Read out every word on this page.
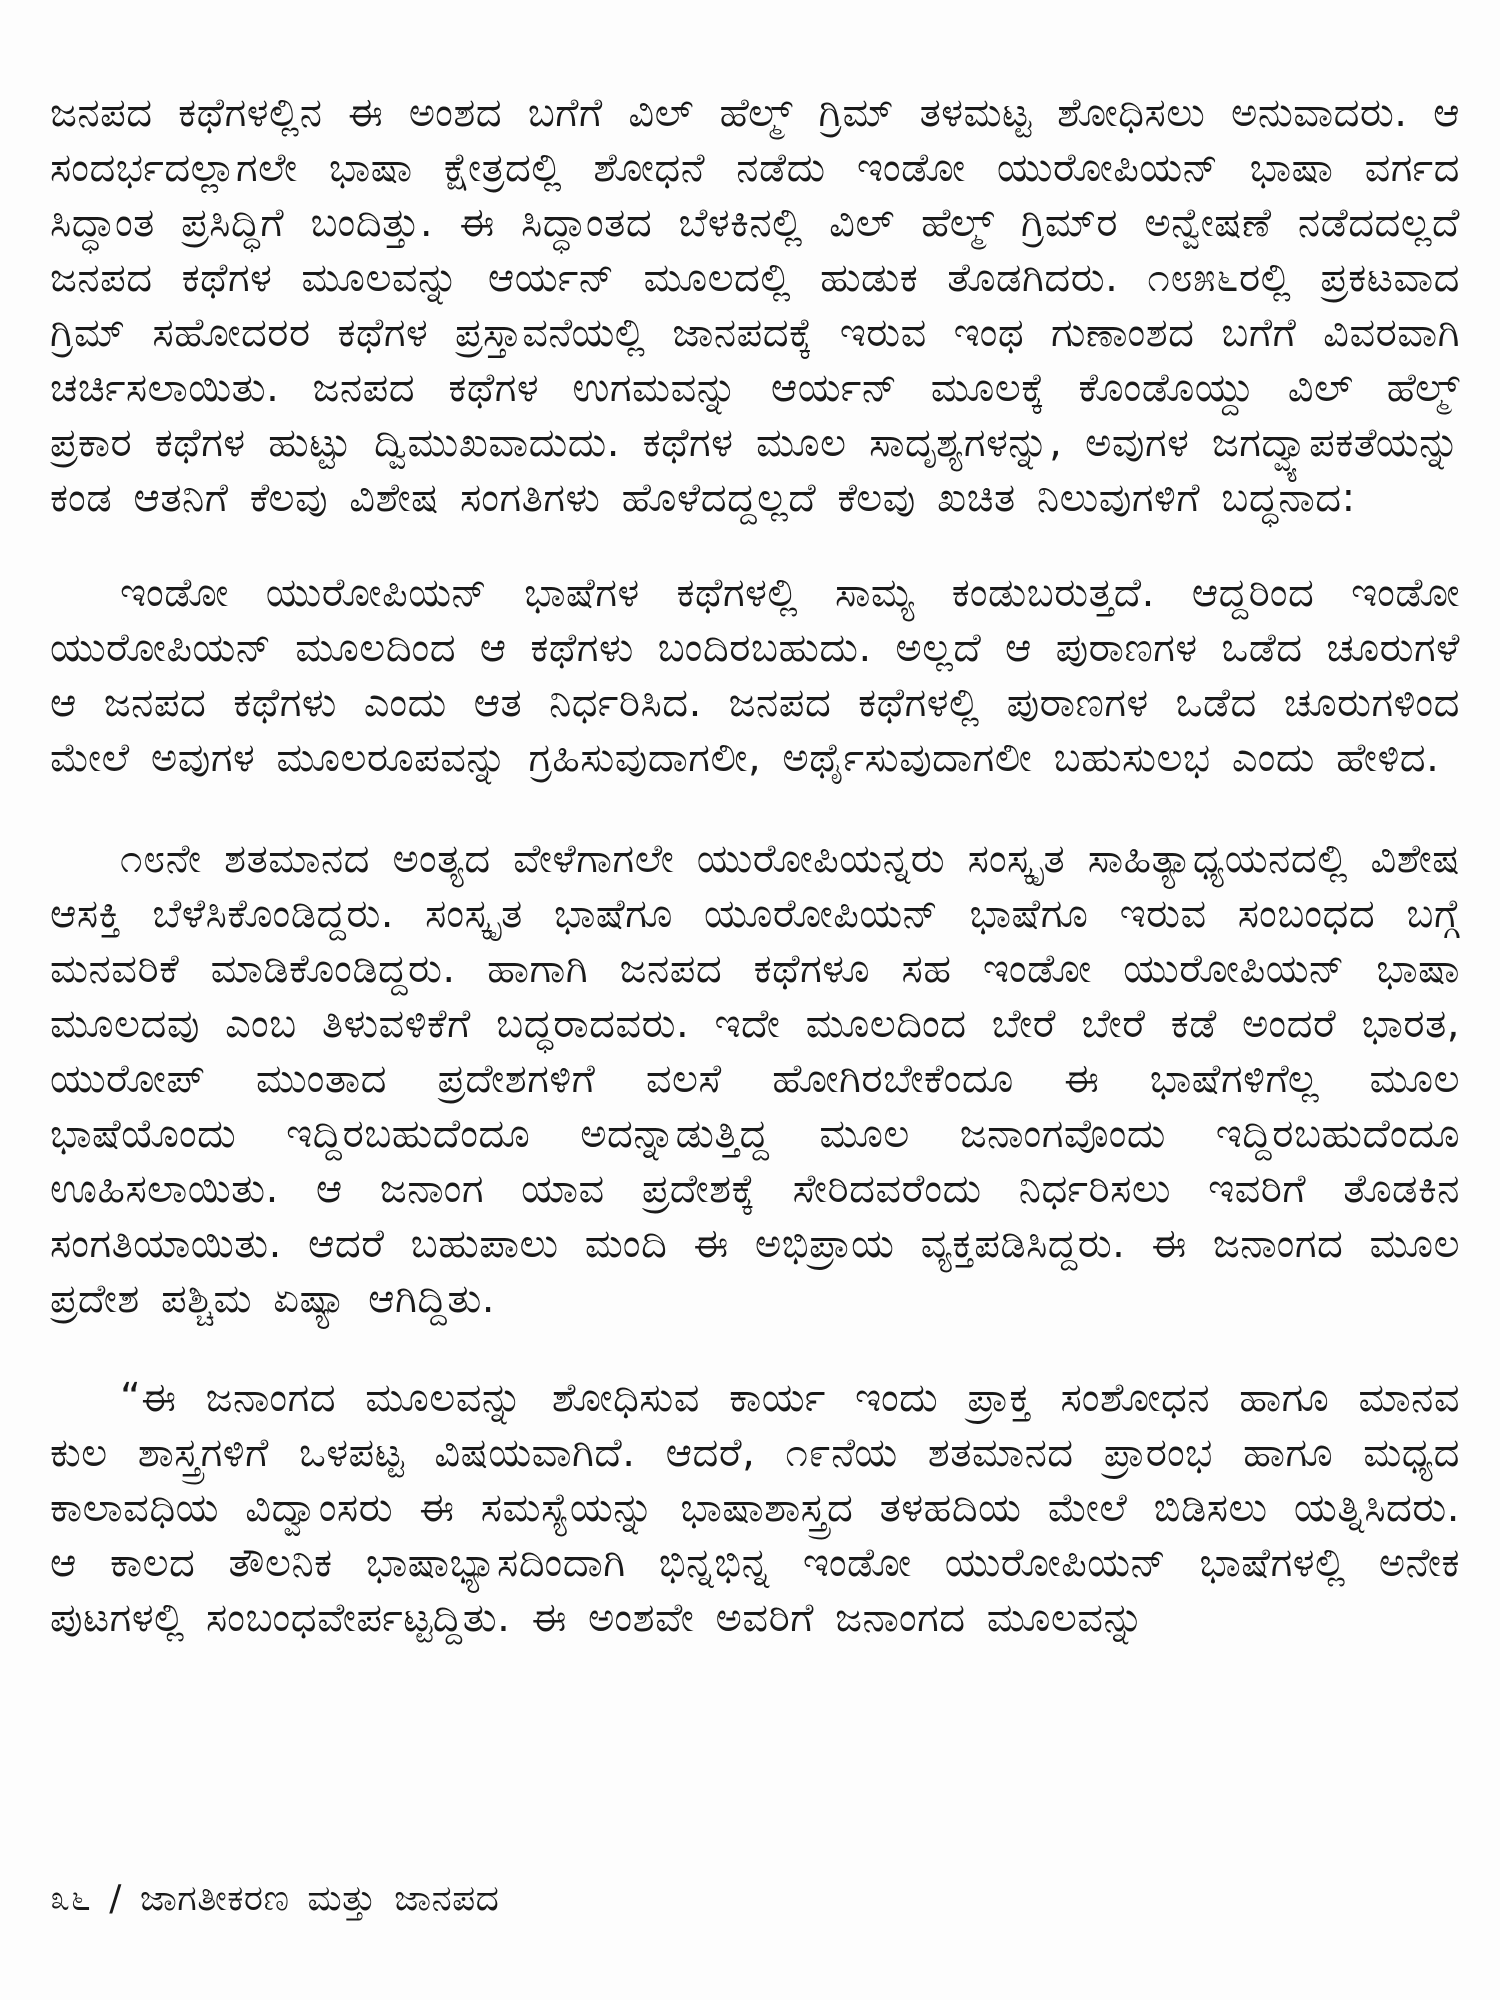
ಜನಪದ ಕಥೆಗಳಲ್ಲಿನ ಈ ಅಂಶದ ಬಗೆಗೆ ವಿಲ್ ಹೆಲ್ಮ್ ಗ್ರಿಮ್ ತಳಮಟ್ಟ ಶೋಧಿಸಲು ಅನುವಾದರು. ಆ ಸಂದರ್ಭದಲ್ಲಾಗಲೇ ಭಾಷಾ ಕ್ಷೇತ್ರದಲ್ಲಿ ಶೋಧನೆ ನಡೆದು ಇಂಡೋ ಯುರೋಪಿಯನ್ ಭಾಷಾ ವರ್ಗದ ಸಿದ್ಧಾಂತ ಪ್ರಸಿದ್ಧಿಗೆ ಬಂದಿತ್ತು. ಈ ಸಿದ್ಧಾಂತದ ಬೆಳಕಿನಲ್ಲಿ ವಿಲ್ ಹೆಲ್ಮ್ ಗ್ರಿಮ್‌ರ ಅನ್ವೇಷಣೆ ನಡೆದದಲ್ಲದೆ ಜನಪದ ಕಥೆಗಳ ಮೂಲವನ್ನು ಆರ್ಯನ್ ಮೂಲದಲ್ಲಿ ಹುಡುಕ ತೊಡಗಿದರು. ೧೮೫೬ರಲ್ಲಿ ಪ್ರಕಟವಾದ ಗ್ರಿಮ್ ಸಹೋದರರ ಕಥೆಗಳ ಪ್ರಸ್ತಾವನೆಯಲ್ಲಿ ಜಾನಪದಕ್ಕೆ ಇರುವ ಇಂಥ ಗುಣಾಂಶದ ಬಗೆಗೆ ವಿವರವಾಗಿ ಚರ್ಚಿಸಲಾಯಿತು. ಜನಪದ ಕಥೆಗಳ ಉಗಮವನ್ನು ಆರ್ಯನ್ ಮೂಲಕ್ಕೆ ಕೊಂಡೊಯ್ದು ವಿಲ್ ಹೆಲ್ಮ್ ಪ್ರಕಾರ ಕಥೆಗಳ ಹುಟ್ಟು ದ್ವಿಮುಖವಾದುದು. ಕಥೆಗಳ ಮೂಲ ಸಾದೃಶ್ಯಗಳನ್ನು, ಅವುಗಳ ಜಗದ್ವ್ಯಾಪಕತೆಯನ್ನು ಕಂಡ ಆತನಿಗೆ ಕೆಲವು ವಿಶೇಷ ಸಂಗತಿಗಳು ಹೊಳೆದದ್ದಲ್ಲದೆ ಕೆಲವು ಖಚಿತ ನಿಲುವುಗಳಿಗೆ ಬದ್ಧನಾದ:

ಇಂಡೋ ಯುರೋಪಿಯನ್ ಭಾಷೆಗಳ ಕಥೆಗಳಲ್ಲಿ ಸಾಮ್ಯ ಕಂಡುಬರುತ್ತದೆ. ಆದ್ದರಿಂದ ಇಂಡೋ ಯುರೋಪಿಯನ್ ಮೂಲದಿಂದ ಆ ಕಥೆಗಳು ಬಂದಿರಬಹುದು. ಅಲ್ಲದೆ ಆ ಪುರಾಣಗಳ ಒಡೆದ ಚೂರುಗಳೆ ಆ ಜನಪದ ಕಥೆಗಳು ಎಂದು ಆತ ನಿರ್ಧರಿಸಿದ. ಜನಪದ ಕಥೆಗಳಲ್ಲಿ ಪುರಾಣಗಳ ಒಡೆದ ಚೂರುಗಳಿಂದ ಮೇಲೆ ಅವುಗಳ ಮೂಲರೂಪವನ್ನು ಗ್ರಹಿಸುವುದಾಗಲೀ, ಅರ್ಥೈಸುವುದಾಗಲೀ ಬಹುಸುಲಭ ಎಂದು ಹೇಳಿದ.

೧೮ನೇ ಶತಮಾನದ ಅಂತ್ಯದ ವೇಳೆಗಾಗಲೇ ಯುರೋಪಿಯನ್ನರು ಸಂಸ್ಕೃತ ಸಾಹಿತ್ಯಾಧ್ಯಯನದಲ್ಲಿ ವಿಶೇಷ ಆಸಕ್ತಿ ಬೆಳೆಸಿಕೊಂಡಿದ್ದರು. ಸಂಸ್ಕೃತ ಭಾಷೆಗೂ ಯೂರೋಪಿಯನ್ ಭಾಷೆಗೂ ಇರುವ ಸಂಬಂಧದ ಬಗ್ಗೆ ಮನವರಿಕೆ ಮಾಡಿಕೊಂಡಿದ್ದರು. ಹಾಗಾಗಿ ಜನಪದ ಕಥೆಗಳೂ ಸಹ ಇಂಡೋ ಯುರೋಪಿಯನ್ ಭಾಷಾ ಮೂಲದವು ಎಂಬ ತಿಳುವಳಿಕೆಗೆ ಬದ್ಧರಾದವರು. ಇದೇ ಮೂಲದಿಂದ ಬೇರೆ ಬೇರೆ ಕಡೆ ಅಂದರೆ ಭಾರತ, ಯುರೋಪ್ ಮುಂತಾದ ಪ್ರದೇಶಗಳಿಗೆ ವಲಸೆ ಹೋಗಿರಬೇಕೆಂದೂ ಈ ಭಾಷೆಗಳಿಗೆಲ್ಲ ಮೂಲ ಭಾಷೆಯೊಂದು ಇದ್ದಿರಬಹುದೆಂದೂ ಅದನ್ನಾಡುತ್ತಿದ್ದ ಮೂಲ ಜನಾಂಗವೊಂದು ಇದ್ದಿರಬಹುದೆಂದೂ ಊಹಿಸಲಾಯಿತು. ಆ ಜನಾಂಗ ಯಾವ ಪ್ರದೇಶಕ್ಕೆ ಸೇರಿದವರೆಂದು ನಿರ್ಧರಿಸಲು ಇವರಿಗೆ ತೊಡಕಿನ ಸಂಗತಿಯಾಯಿತು. ಆದರೆ ಬಹುಪಾಲು ಮಂದಿ ಈ ಅಭಿಪ್ರಾಯ ವ್ಯಕ್ತಪಡಿಸಿದ್ದರು. ಈ ಜನಾಂಗದ ಮೂಲ ಪ್ರದೇಶ ಪಶ್ಚಿಮ ಏಷ್ಯಾ ಆಗಿದ್ದಿತು.

“ಈ ಜನಾಂಗದ ಮೂಲವನ್ನು ಶೋಧಿಸುವ ಕಾರ್ಯ ಇಂದು ಪ್ರಾಕ್ತ ಸಂಶೋಧನ ಹಾಗೂ ಮಾನವ ಕುಲ ಶಾಸ್ತ್ರಗಳಿಗೆ ಒಳಪಟ್ಟ ವಿಷಯವಾಗಿದೆ. ಆದರೆ, ೧೯ನೆಯ ಶತಮಾನದ ಪ್ರಾರಂಭ ಹಾಗೂ ಮಧ್ಯದ ಕಾಲಾವಧಿಯ ವಿದ್ವಾಂಸರು ಈ ಸಮಸ್ಯೆಯನ್ನು ಭಾಷಾಶಾಸ್ತ್ರದ ತಳಹದಿಯ ಮೇಲೆ ಬಿಡಿಸಲು ಯತ್ನಿಸಿದರು. ಆ ಕಾಲದ ತೌಲನಿಕ ಭಾಷಾಭ್ಯಾಸದಿಂದಾಗಿ ಭಿನ್ನಭಿನ್ನ ಇಂಡೋ ಯುರೋಪಿಯನ್ ಭಾಷೆಗಳಲ್ಲಿ ಅನೇಕ ಪುಟಗಳಲ್ಲಿ ಸಂಬಂಧವೇರ್ಪಟ್ಟದ್ದಿತು. ಈ ಅಂಶವೇ ಅವರಿಗೆ ಜನಾಂಗದ ಮೂಲವನ್ನು

೩೬ / ಜಾಗತೀಕರಣ ಮತ್ತು ಜಾನಪದ
